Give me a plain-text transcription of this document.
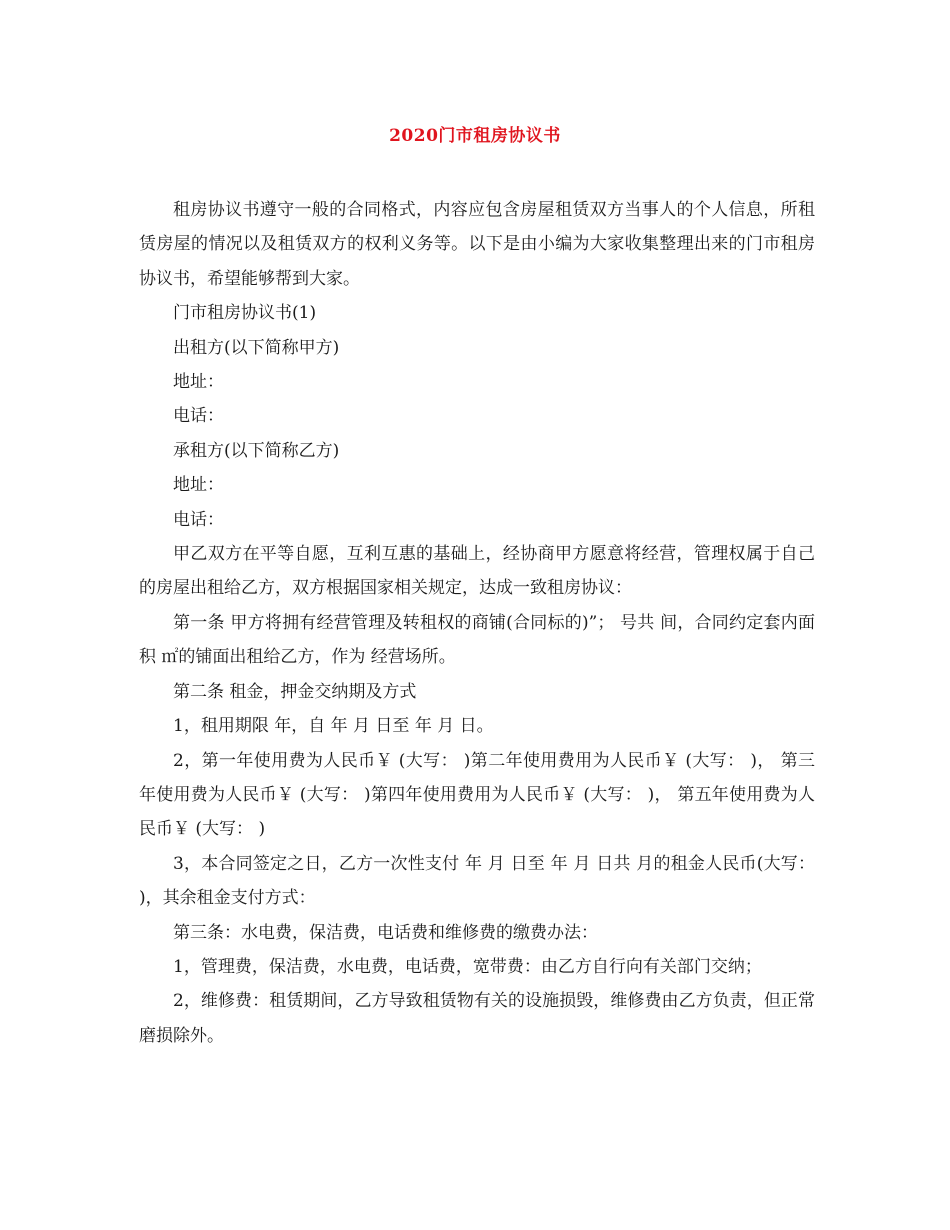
2020门市租房协议书

租房协议书遵守一般的合同格式，内容应包含房屋租赁双方当事人的个人信息，所租赁房屋的情况以及租赁双方的权利义务等。以下是由小编为大家收集整理出来的门市租房协议书，希望能够帮到大家。

门市租房协议书(1)

出租方(以下简称甲方)

地址：

电话：

承租方(以下简称乙方)

地址：

电话：

甲乙双方在平等自愿，互利互惠的基础上，经协商甲方愿意将经营，管理权属于自己的房屋出租给乙方，双方根据国家相关规定，达成一致租房协议：

第一条 甲方将拥有经营管理及转租权的商铺(合同标的)”； 号共 间，合同约定套内面积 ㎡的铺面出租给乙方，作为 经营场所。

第二条 租金，押金交纳期及方式

1，租用期限 年，自 年 月 日至 年 月 日。

2，第一年使用费为人民币￥ (大写： )第二年使用费用为人民币￥ (大写： )， 第三年使用费为人民币￥ (大写： )第四年使用费用为人民币￥ (大写： )， 第五年使用费为人民币￥ (大写： )

3，本合同签定之日，乙方一次性支付 年 月 日至 年 月 日共 月的租金人民币(大写： )，其余租金支付方式：

第三条：水电费，保洁费，电话费和维修费的缴费办法：

1，管理费，保洁费，水电费，电话费，宽带费：由乙方自行向有关部门交纳；

2，维修费：租赁期间，乙方导致租赁物有关的设施损毁，维修费由乙方负责，但正常磨损除外。
